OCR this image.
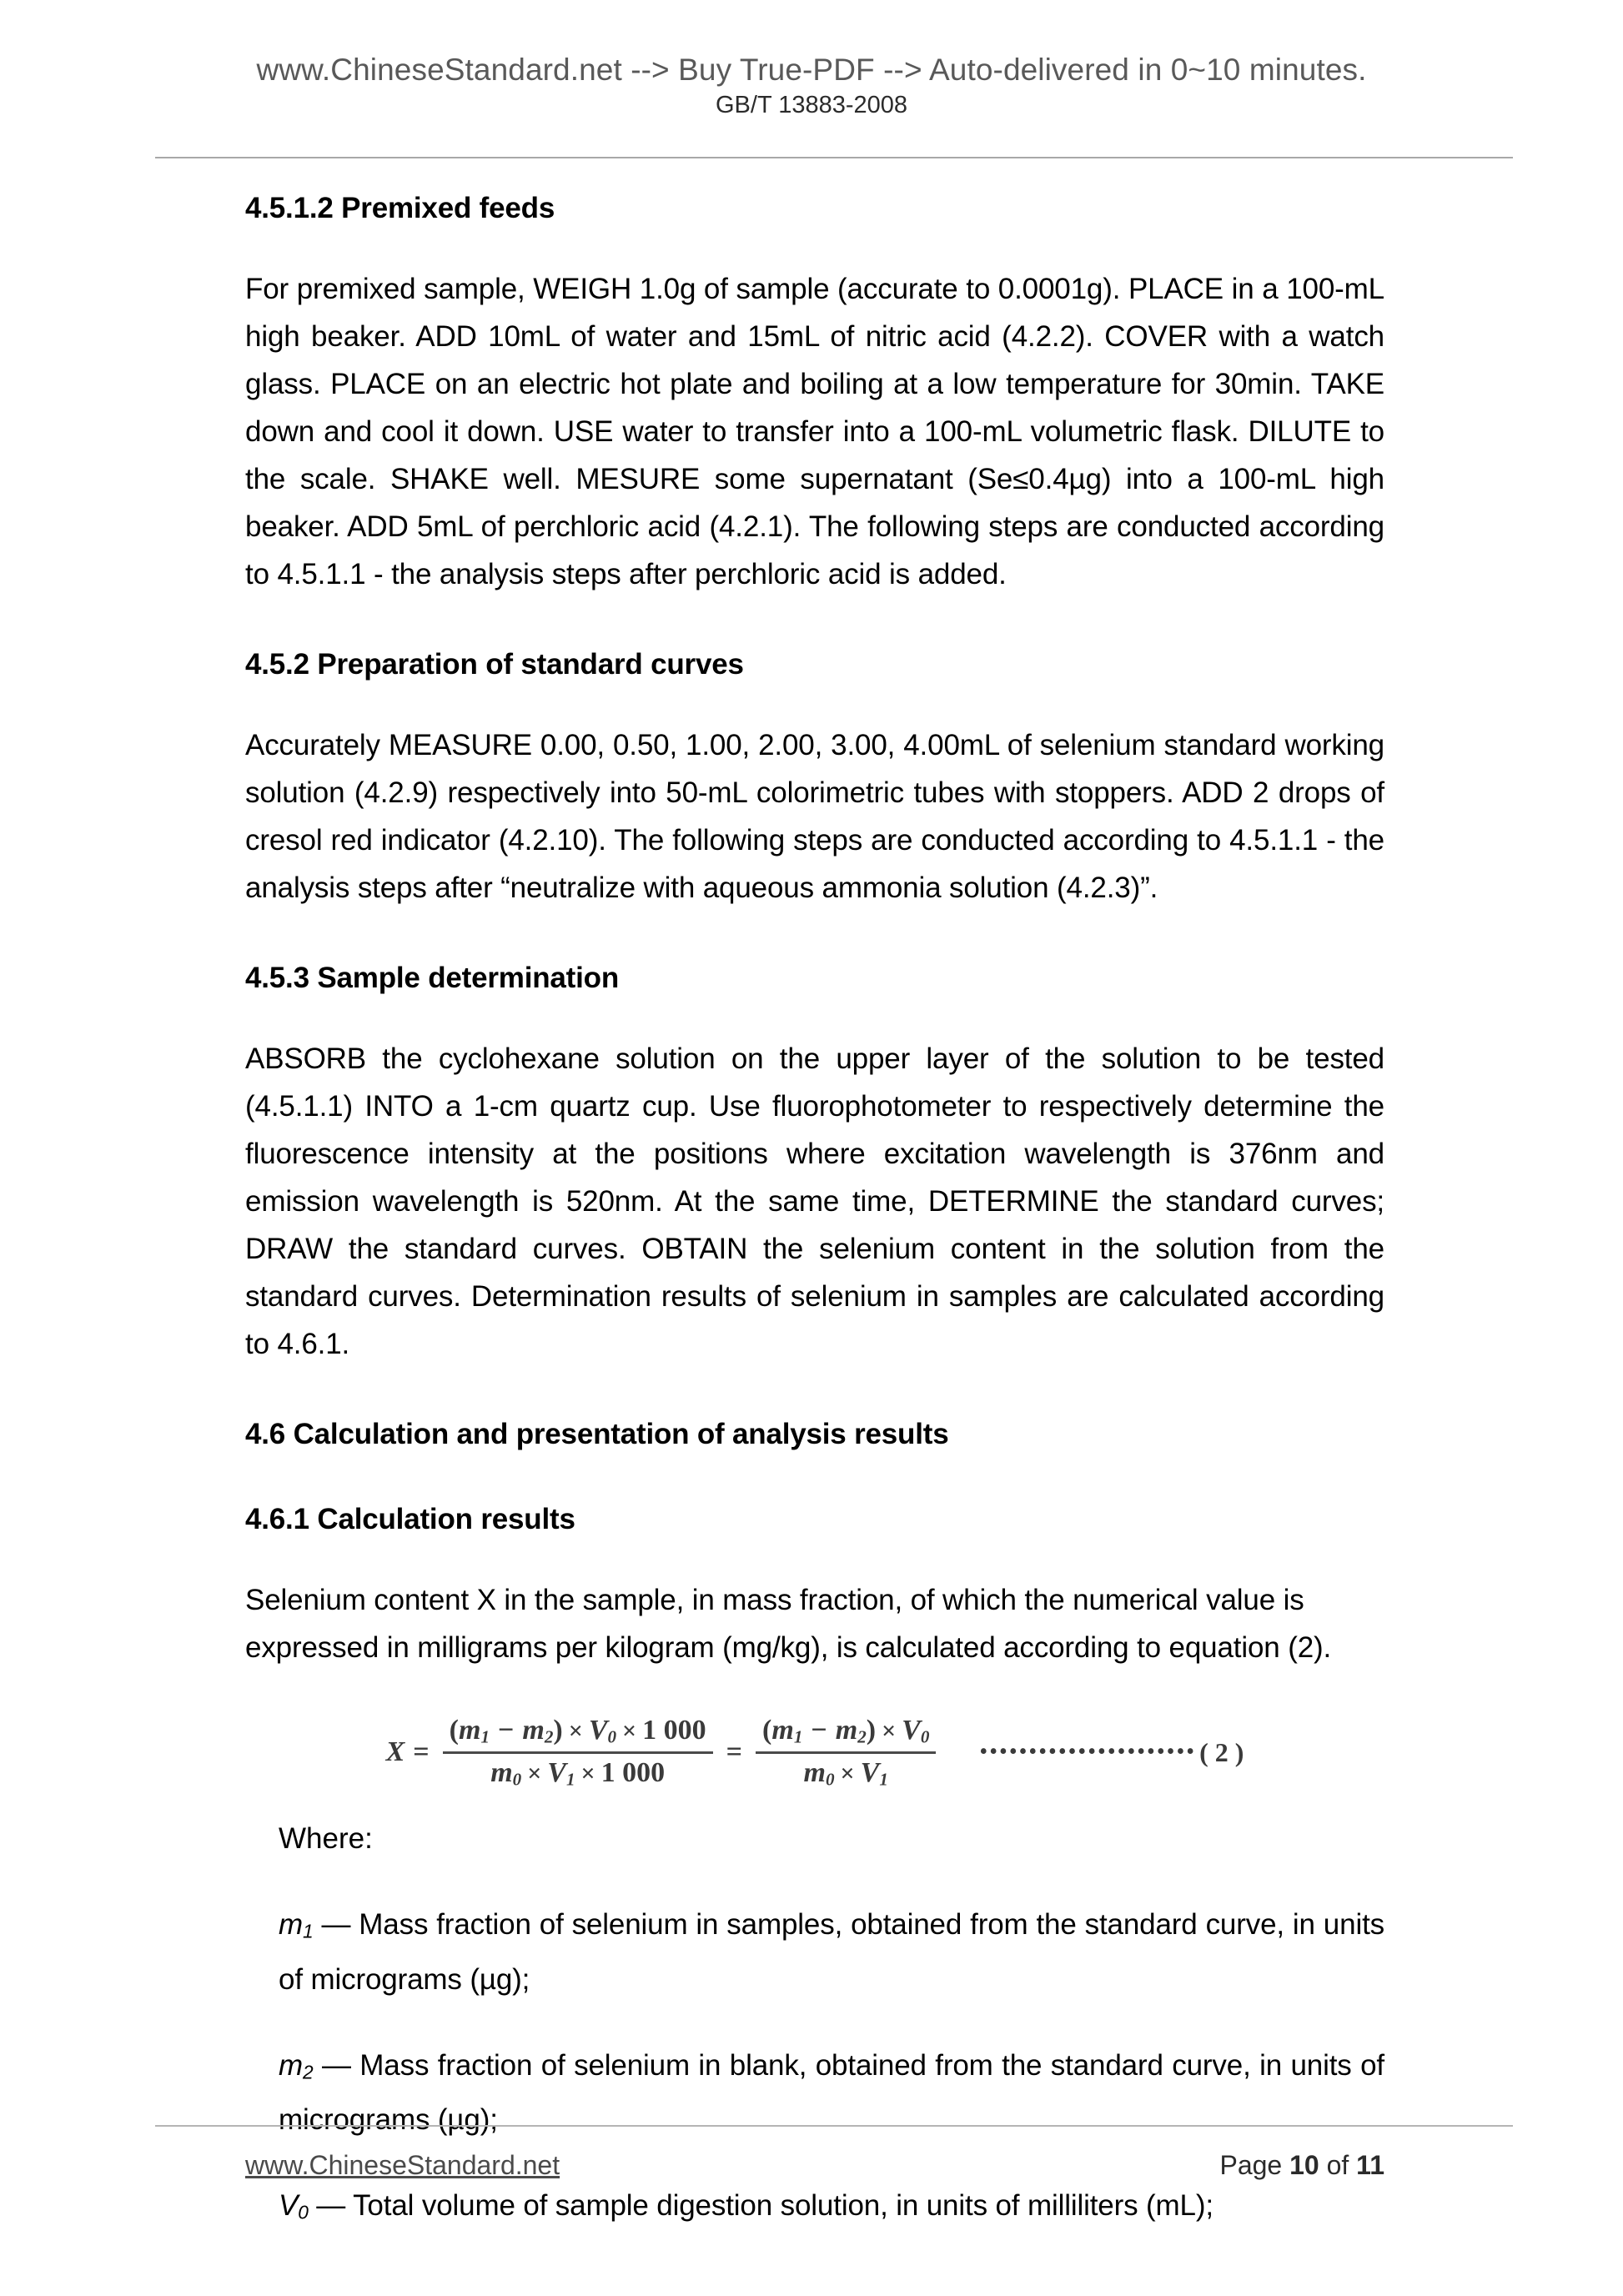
www.ChineseStandard.net --> Buy True-PDF --> Auto-delivered in 0~10 minutes.
GB/T 13883-2008
4.5.1.2 Premixed feeds

For premixed sample, WEIGH 1.0g of sample (accurate to 0.0001g). PLACE in a 100-mL high beaker. ADD 10mL of water and 15mL of nitric acid (4.2.2). COVER with a watch glass. PLACE on an electric hot plate and boiling at a low temperature for 30min. TAKE down and cool it down. USE water to transfer into a 100-mL volumetric flask. DILUTE to the scale. SHAKE well. MESURE some supernatant (Se≤0.4µg) into a 100-mL high beaker. ADD 5mL of perchloric acid (4.2.1). The following steps are conducted according to 4.5.1.1 - the analysis steps after perchloric acid is added.

4.5.2 Preparation of standard curves

Accurately MEASURE 0.00, 0.50, 1.00, 2.00, 3.00, 4.00mL of selenium standard working solution (4.2.9) respectively into 50-mL colorimetric tubes with stoppers. ADD 2 drops of cresol red indicator (4.2.10). The following steps are conducted according to 4.5.1.1 - the analysis steps after “neutralize with aqueous ammonia solution (4.2.3)”.

4.5.3 Sample determination

ABSORB the cyclohexane solution on the upper layer of the solution to be tested (4.5.1.1) INTO a 1-cm quartz cup. Use fluorophotometer to respectively determine the fluorescence intensity at the positions where excitation wavelength is 376nm and emission wavelength is 520nm. At the same time, DETERMINE the standard curves; DRAW the standard curves. OBTAIN the selenium content in the solution from the standard curves. Determination results of selenium in samples are calculated according to 4.6.1.

4.6 Calculation and presentation of analysis results
4.6.1 Calculation results

Selenium content X in the sample, in mass fraction, of which the numerical value is expressed in milligrams per kilogram (mg/kg), is calculated according to equation (2).

$X = \frac{(m_1 - m_2) \times V_0 \times 1 000}{m_0 \times V_1 \times 1 000} = \frac{(m_1 - m_2) \times V_0}{m_0 \times V_1}$ •••••••••••••••••••••• ( 2 )

Where:

$m_1$ — Mass fraction of selenium in samples, obtained from the standard curve, in units of micrograms (µg);

$m_2$ — Mass fraction of selenium in blank, obtained from the standard curve, in units of micrograms (µg);

$V_0$ — Total volume of sample digestion solution, in units of milliliters (mL);

www.ChineseStandard.net	Page 10 of 11
